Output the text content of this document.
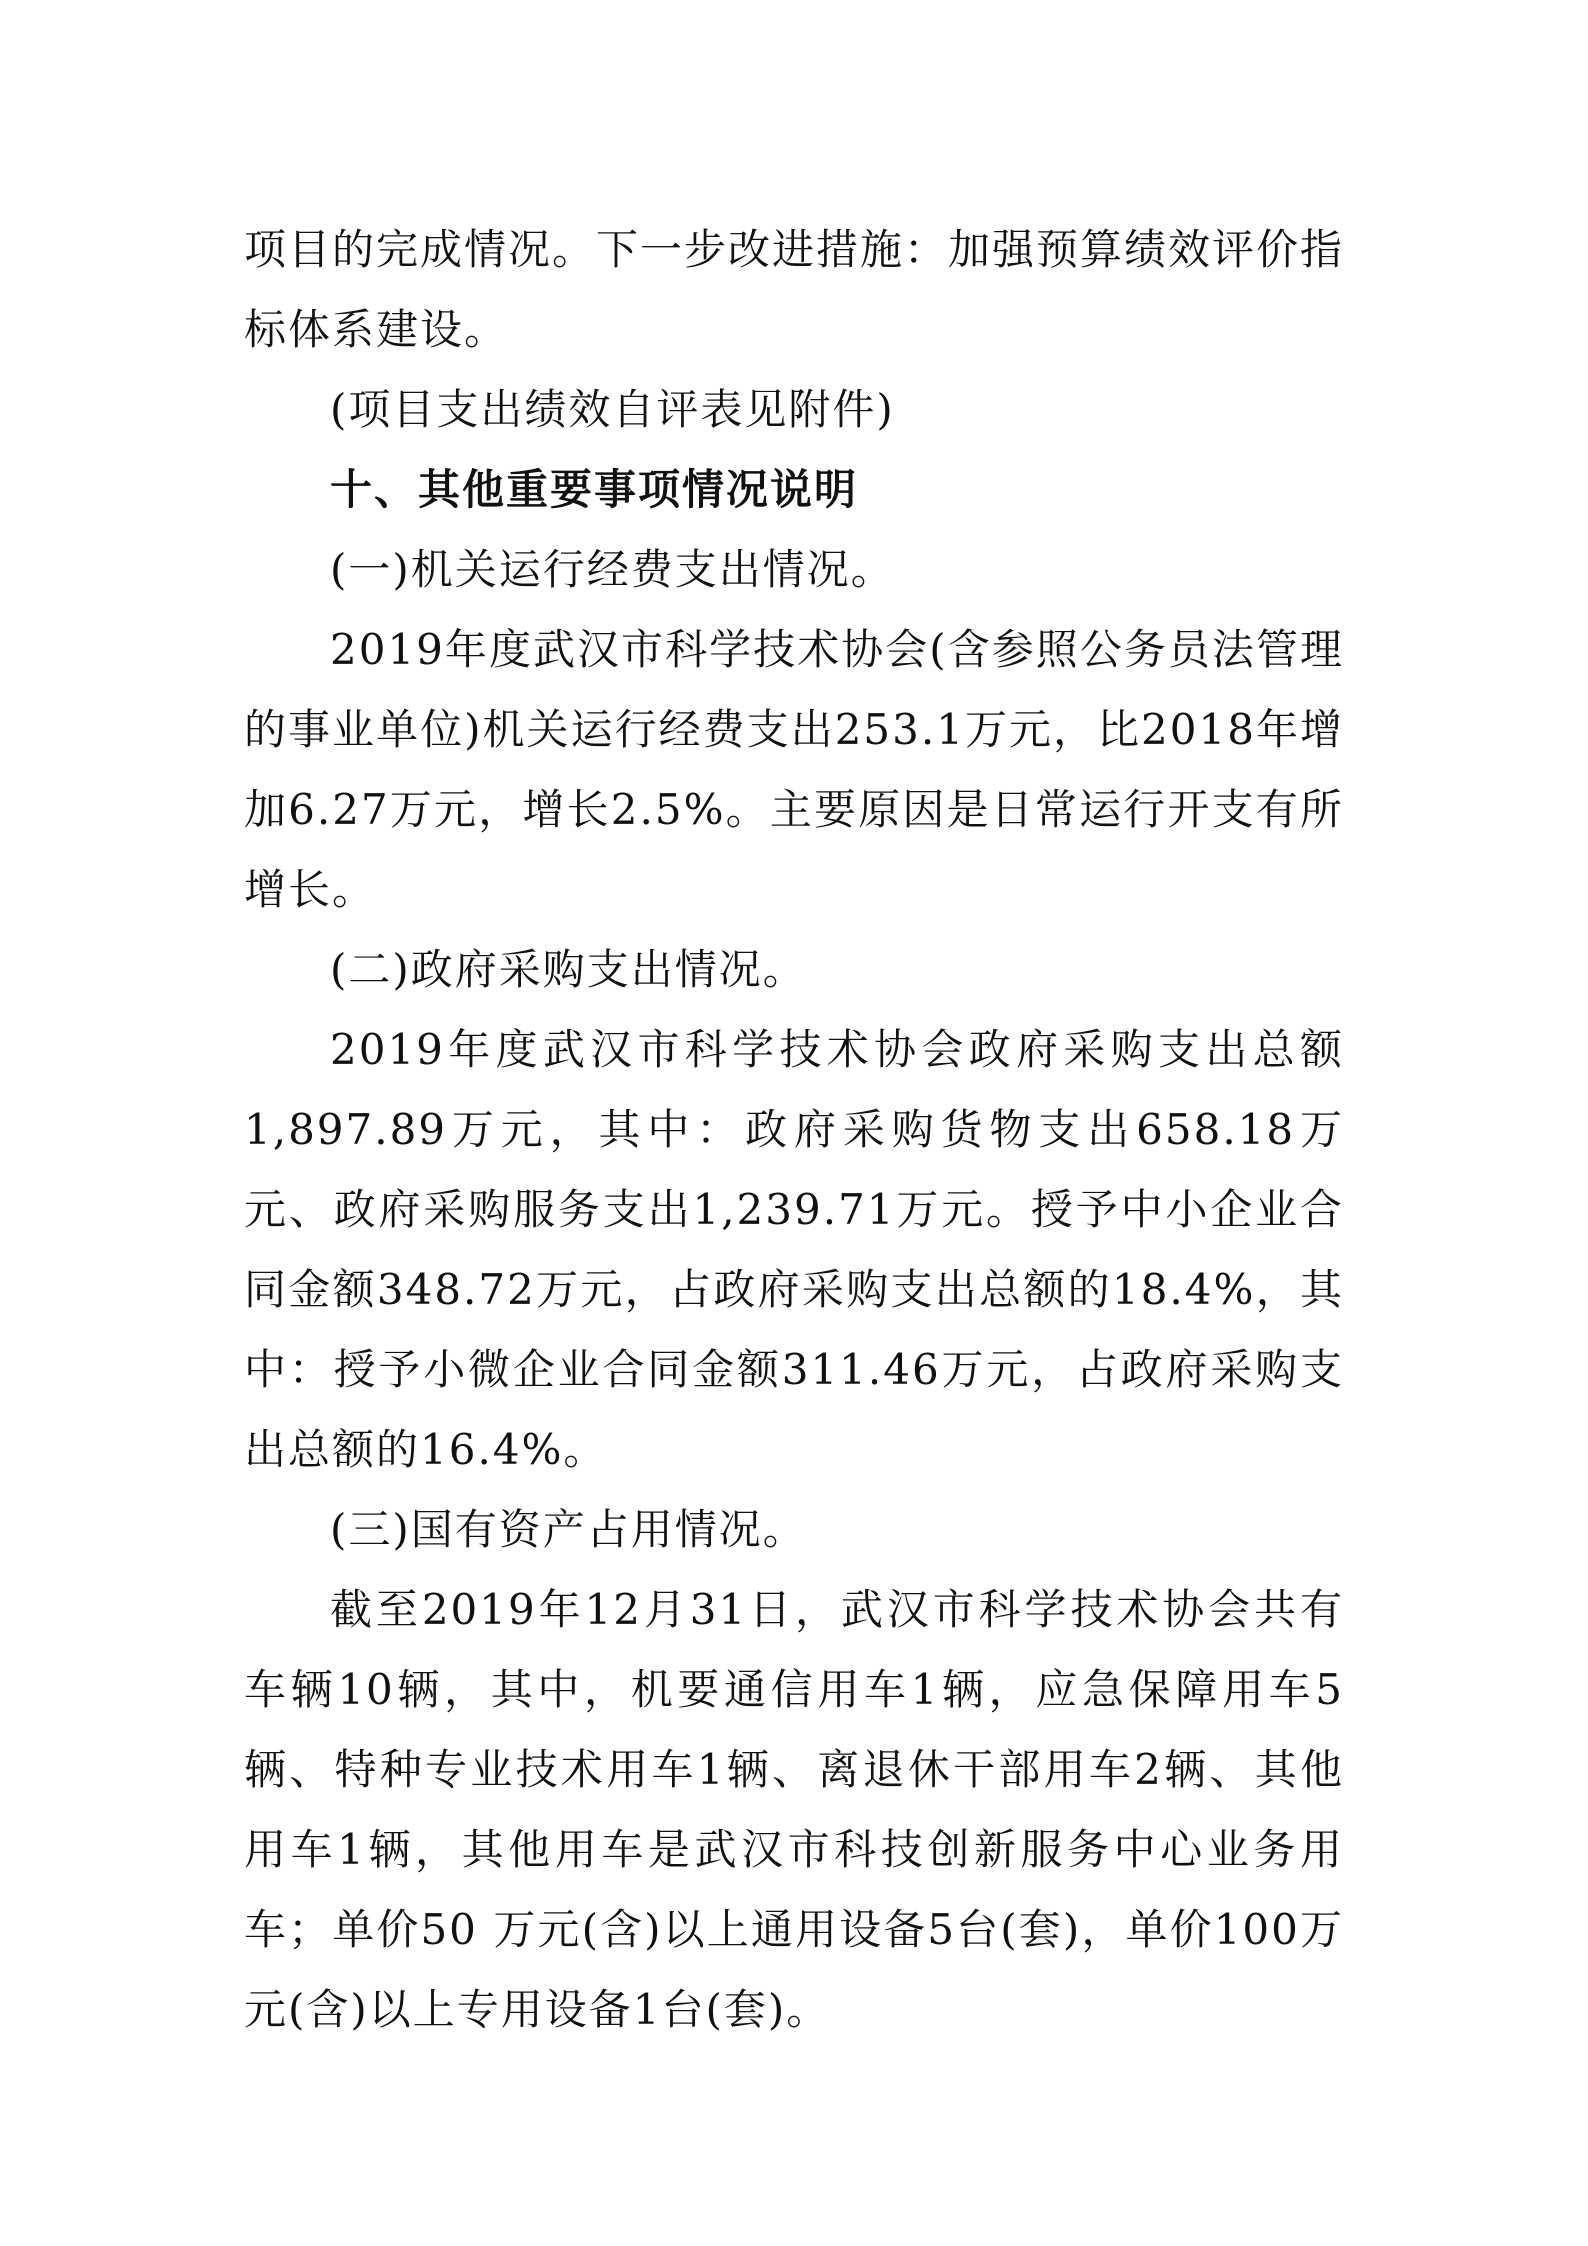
项目的完成情况。下一步改进措施：加强预算绩效评价指标体系建设。

(项目支出绩效自评表见附件)

十、其他重要事项情况说明

(一)机关运行经费支出情况。

2019年度武汉市科学技术协会(含参照公务员法管理的事业单位)机关运行经费支出253.1万元，比2018年增加6.27万元，增长2.5%。主要原因是日常运行开支有所增长。

(二)政府采购支出情况。

2019年度武汉市科学技术协会政府采购支出总额1,897.89万元，其中：政府采购货物支出658.18万元、政府采购服务支出1,239.71万元。授予中小企业合同金额348.72万元，占政府采购支出总额的18.4%，其中：授予小微企业合同金额311.46万元，占政府采购支出总额的16.4%。

(三)国有资产占用情况。

截至2019年12月31日，武汉市科学技术协会共有车辆10辆，其中，机要通信用车1辆，应急保障用车5辆、特种专业技术用车1辆、离退休干部用车2辆、其他用车1辆，其他用车是武汉市科技创新服务中心业务用车；单价50 万元(含)以上通用设备5台(套)，单价100万元(含)以上专用设备1台(套)。
